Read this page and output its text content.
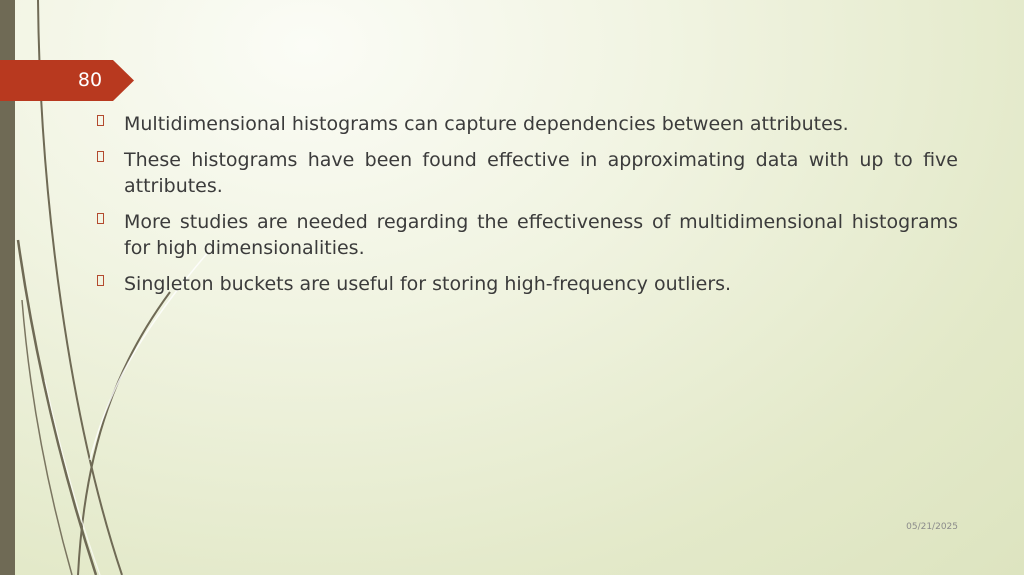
80
Multidimensional histograms can capture dependencies between attributes.
These histograms have been found effective in approximating data with up to five attributes.
More studies are needed regarding the effectiveness of multidimensional histograms for high dimensionalities.
Singleton buckets are useful for storing high-frequency outliers.
05/21/2025
